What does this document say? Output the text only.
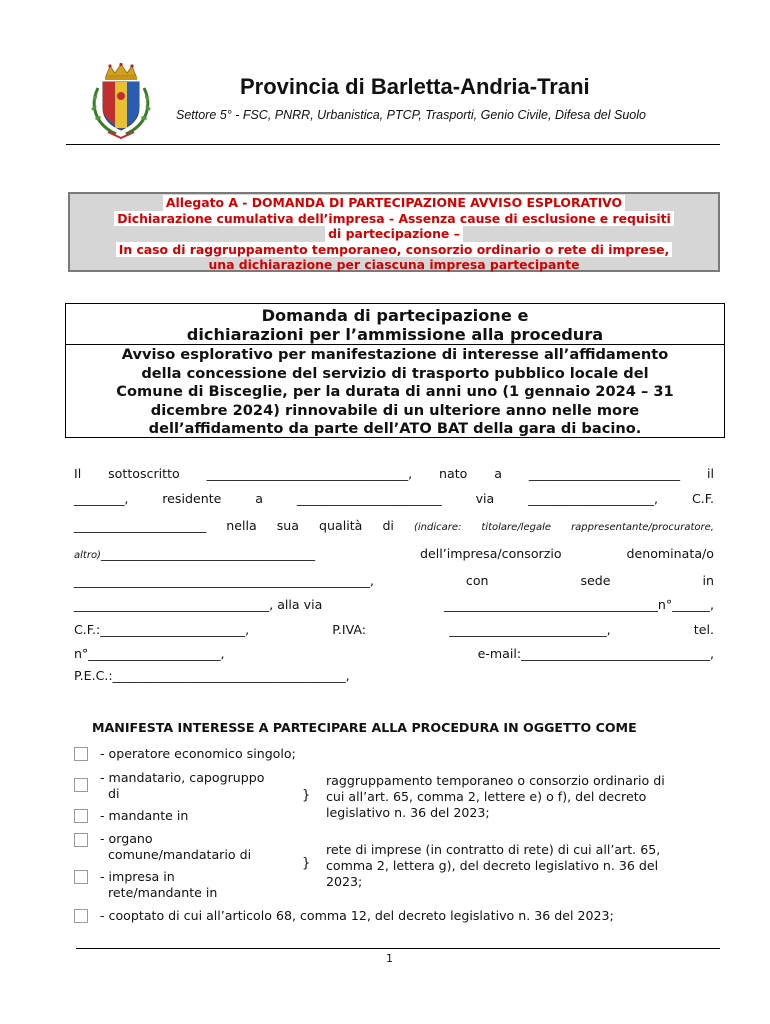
Provincia di Barletta-Andria-Trani
Settore 5° - FSC, PNRR, Urbanistica, PTCP, Trasporti, Genio Civile, Difesa del Suolo
Allegato A - DOMANDA DI PARTECIPAZIONE AVVISO ESPLORATIVO
Dichiarazione cumulativa dell’impresa - Assenza cause di esclusione e requisiti
di partecipazione –
In caso di raggruppamento temporaneo, consorzio ordinario o rete di imprese,
una dichiarazione per ciascuna impresa partecipante
Domanda di partecipazione e
dichiarazioni per l’ammissione alla procedura
Avviso esplorativo per manifestazione di interesse all’affidamento
della concessione del servizio di trasporto pubblico locale del
Comune di Bisceglie, per la durata di anni uno (1 gennaio 2024 – 31
dicembre 2024) rinnovabile di un ulteriore anno nelle more
dell’affidamento da parte dell’ATO BAT della gara di bacino.
Il sottoscritto ________________________________, nato a ________________________ il
________,	residente	a	_______________________	via	____________________,	C.F.
_____________________ nella sua qualità di (indicare: titolare/legale rappresentante/procuratore,
altro)__________________________________	dell’impresa/consorzio	denominata/o
_______________________________________________,	con	sede	in
_______________________________, alla via	__________________________________n°______,
C.F.:_______________________,	P.IVA:	_________________________,	tel.
n°_____________________,	e-mail:______________________________,
P.E.C.:_____________________________________,
MANIFESTA INTERESSE A PARTECIPARE ALLA PROCEDURA IN OGGETTO COME
- operatore economico singolo;
- mandatario, capogruppo
di
- mandante in
}
raggruppamento temporaneo o consorzio ordinario di
cui all’art. 65, comma 2, lettere e) o f), del decreto
legislativo n. 36 del 2023;
- organo
comune/mandatario di
- impresa in
rete/mandante in
}
rete di imprese (in contratto di rete) di cui all’art. 65,
comma 2, lettera g), del decreto legislativo n. 36 del
2023;
- cooptato di cui all’articolo 68, comma 12, del decreto legislativo n. 36 del 2023;
1
